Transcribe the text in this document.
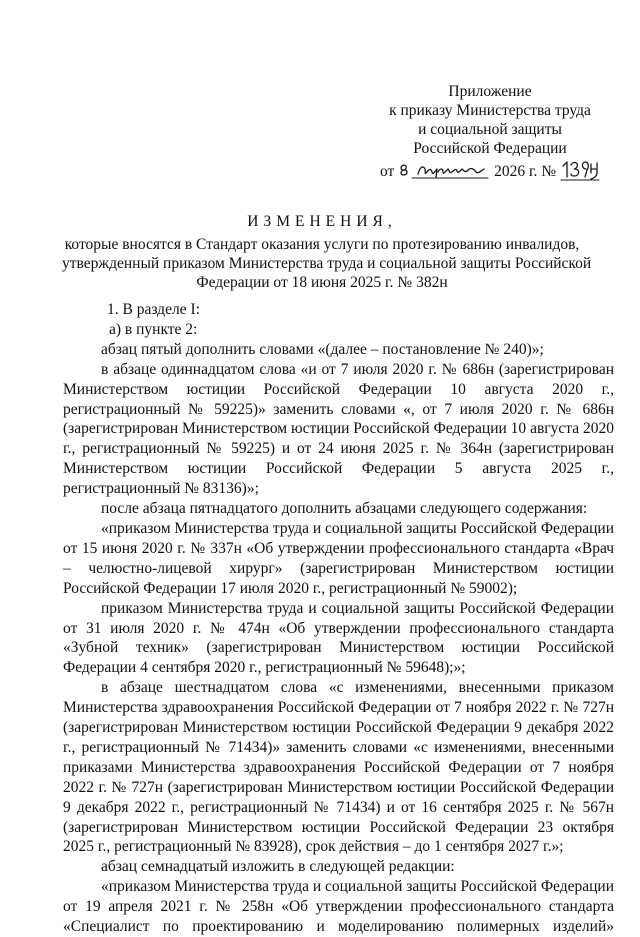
Приложение
к приказу Министерства труда
и социальной защиты
Российской Федерации
от	2026 г. №
ИЗМЕНЕНИЯ,
которые вносятся в Стандарт оказания услуги по протезированию инвалидов,
утвержденный приказом Министерства труда и социальной защиты Российской
Федерации от 18 июня 2025 г. № 382н

1. В разделе I:

а) в пункте 2:

абзац пятый дополнить словами «(далее – постановление № 240)»;

в абзаце одиннадцатом слова «и от 7 июля 2020 г. № 686н (зарегистрирован Министерством юстиции Российской Федерации 10 августа 2020 г., регистрационный № 59225)» заменить словами «, от 7 июля 2020 г. № 686н (зарегистрирован Министерством юстиции Российской Федерации 10 августа 2020 г., регистрационный № 59225) и от 24 июня 2025 г. № 364н (зарегистрирован Министерством юстиции Российской Федерации 5 августа 2025 г., регистрационный № 83136)»;

после абзаца пятнадцатого дополнить абзацами следующего содержания:

«приказом Министерства труда и социальной защиты Российской Федерации от 15 июня 2020 г. № 337н «Об утверждении профессионального стандарта «Врач – челюстно-лицевой хирург» (зарегистрирован Министерством юстиции Российской Федерации 17 июля 2020 г., регистрационный № 59002);

приказом Министерства труда и социальной защиты Российской Федерации от 31 июля 2020 г. № 474н «Об утверждении профессионального стандарта «Зубной техник» (зарегистрирован Министерством юстиции Российской Федерации 4 сентября 2020 г., регистрационный № 59648);»;

в абзаце шестнадцатом слова «с изменениями, внесенными приказом Министерства здравоохранения Российской Федерации от 7 ноября 2022 г. № 727н (зарегистрирован Министерством юстиции Российской Федерации 9 декабря 2022 г., регистрационный № 71434)» заменить словами «с изменениями, внесенными приказами Министерства здравоохранения Российской Федерации от 7 ноября 2022 г. № 727н (зарегистрирован Министерством юстиции Российской Федерации 9 декабря 2022 г., регистрационный № 71434) и от 16 сентября 2025 г. № 567н (зарегистрирован Министерством юстиции Российской Федерации 23 октября 2025 г., регистрационный № 83928), срок действия – до 1 сентября 2027 г.»;

абзац семнадцатый изложить в следующей редакции:

«приказом Министерства труда и социальной защиты Российской Федерации от 19 апреля 2021 г. № 258н «Об утверждении профессионального стандарта «Специалист по проектированию и моделированию полимерных изделий»
